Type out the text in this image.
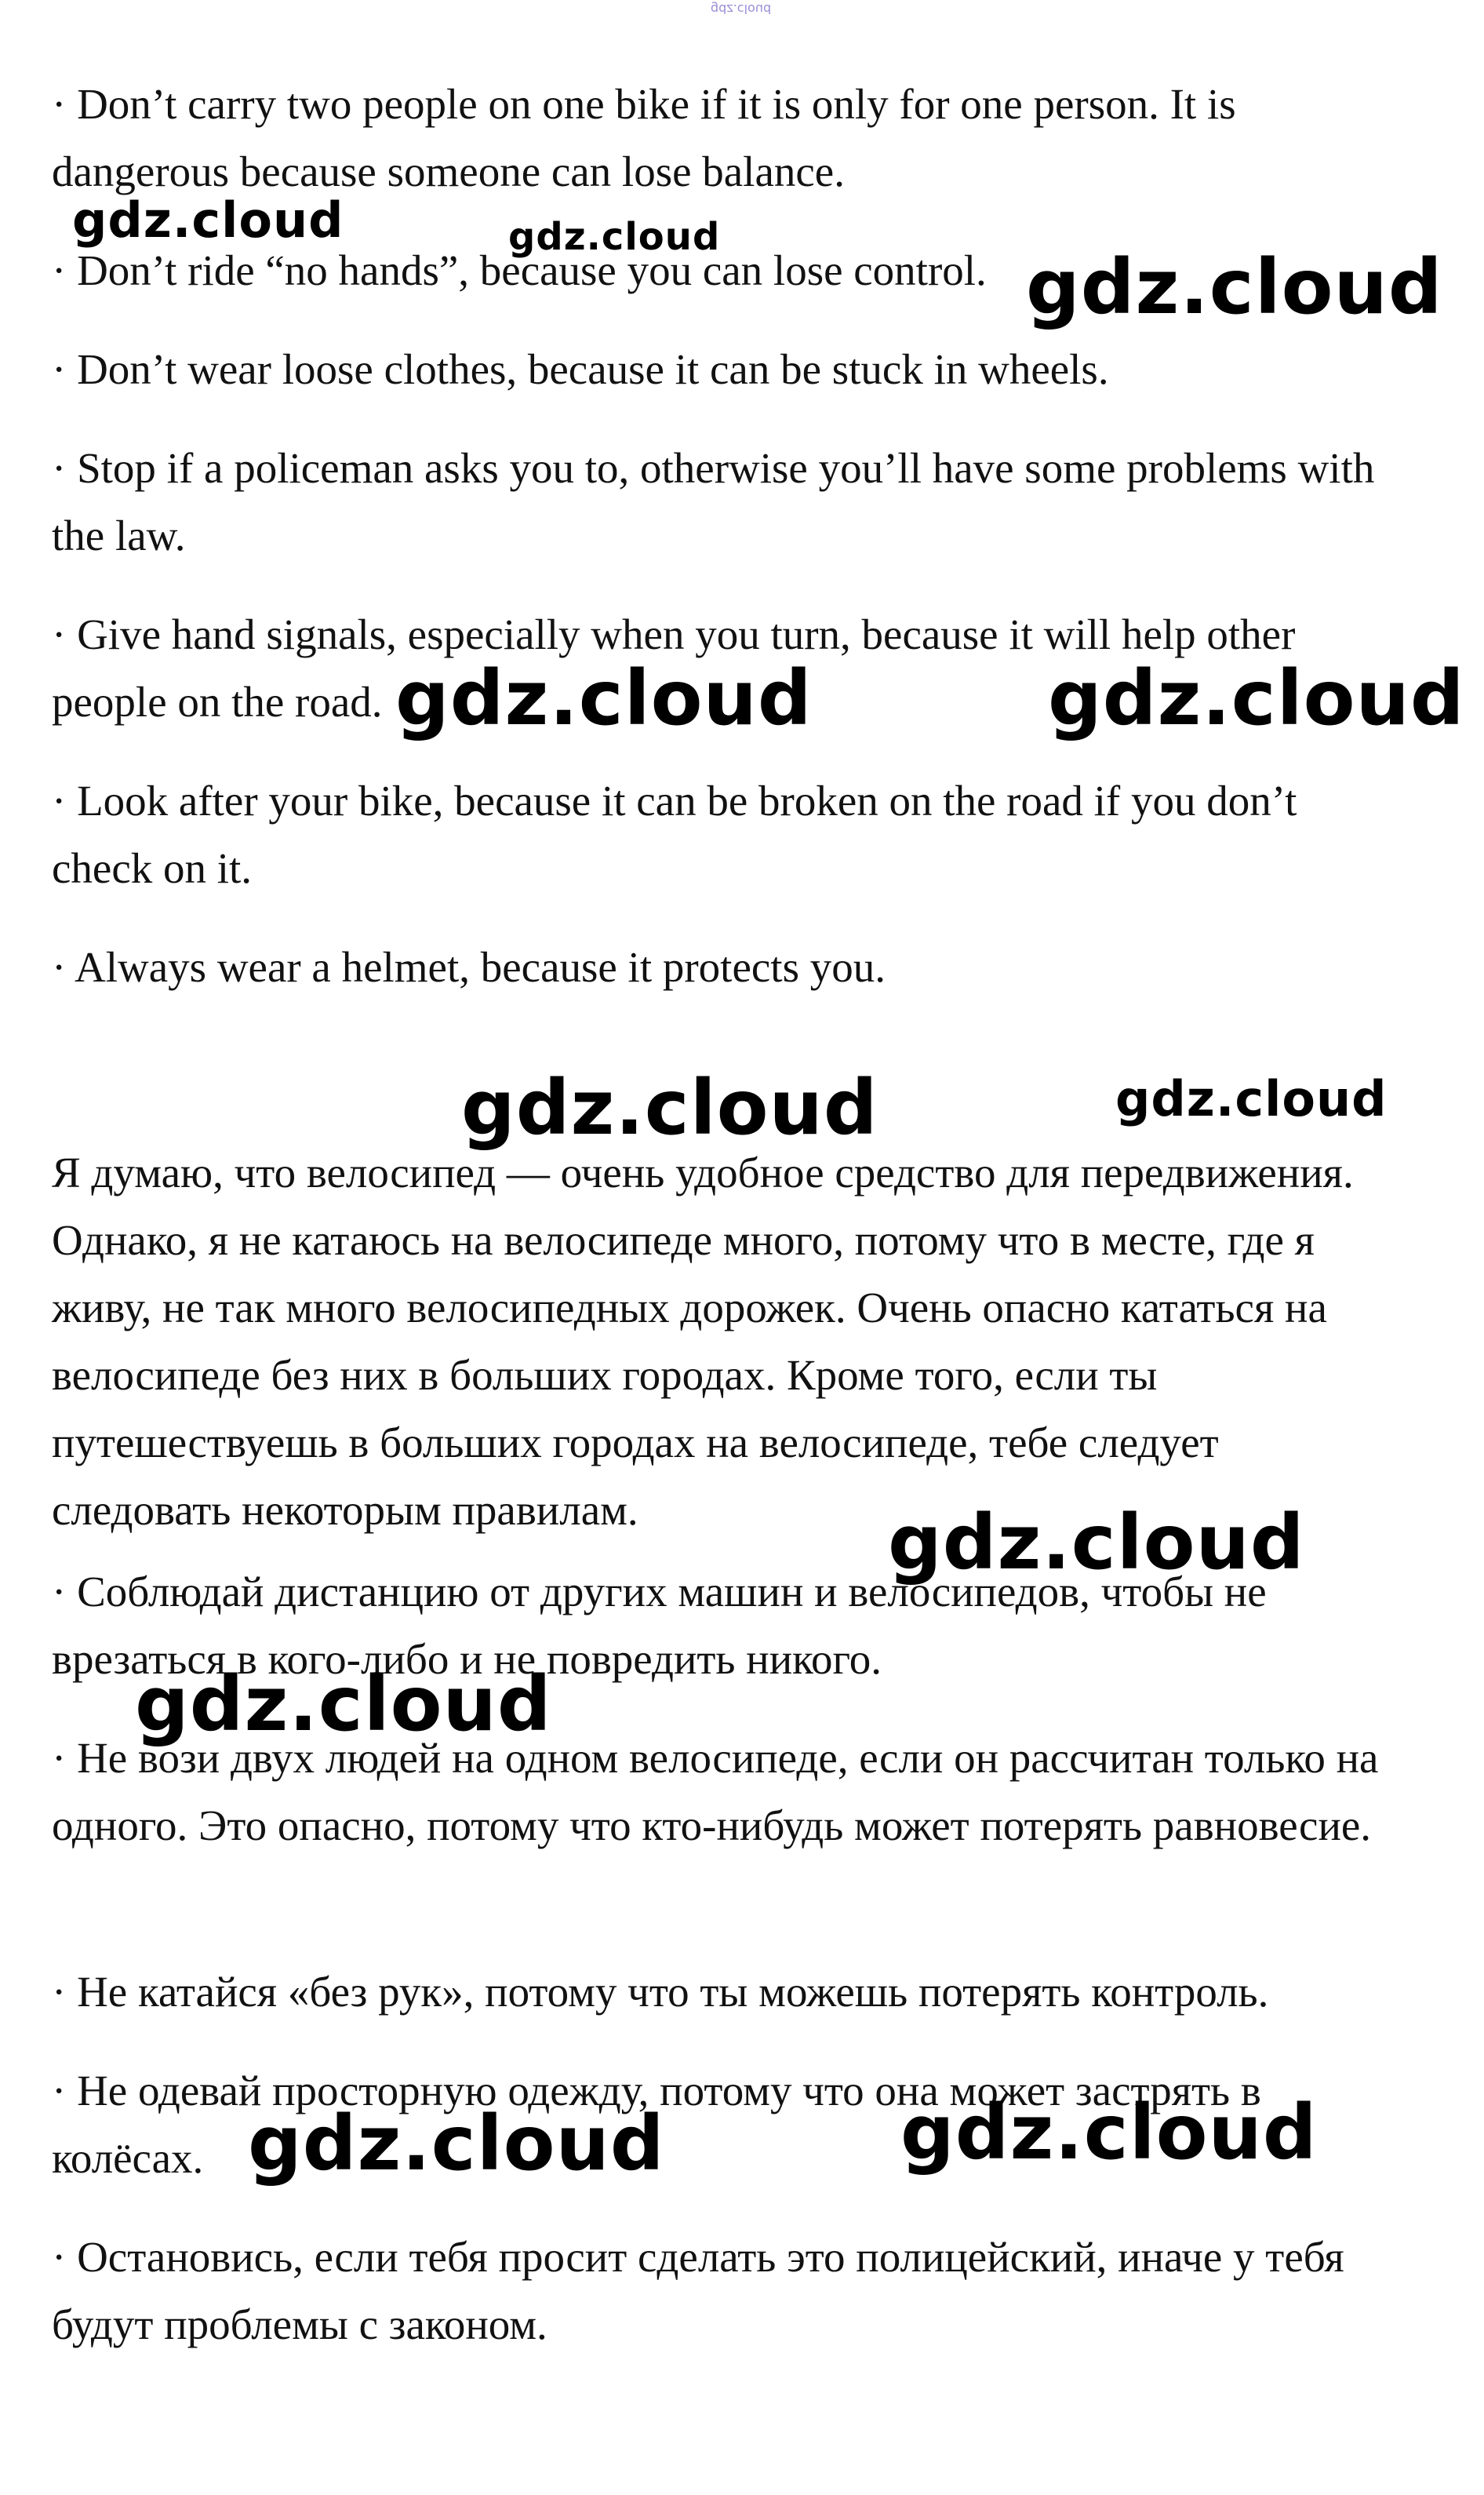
gdz.cloud

· Don’t carry two people on one bike if it is only for one person. It is dangerous because someone can lose balance.

· Don’t ride “no hands”, because you can lose control.

· Don’t wear loose clothes, because it can be stuck in wheels.

· Stop if a policeman asks you to, otherwise you’ll have some problems with the law.

· Give hand signals, especially when you turn, because it will help other people on the road.

· Look after your bike, because it can be broken on the road if you don’t check on it.

· Always wear a helmet, because it protects you.

Я думаю, что велосипед — очень удобное средство для передвижения. Однако, я не катаюсь на велосипеде много, потому что в месте, где я живу, не так много велосипедных дорожек. Очень опасно кататься на велосипеде без них в больших городах. Кроме того, если ты путешествуешь в больших городах на велосипеде, тебе следует следовать некоторым правилам.

· Соблюдай дистанцию от других машин и велосипедов, чтобы не врезаться в кого-либо и не повредить никого.

· Не вози двух людей на одном велосипеде, если он рассчитан только на одного. Это опасно, потому что кто-нибудь может потерять равновесие.

· Не катайся «без рук», потому что ты можешь потерять контроль.

· Не одевай просторную одежду, потому что она может застрять в колёсах.

· Остановись, если тебя просит сделать это полицейский, иначе у тебя будут проблемы с законом.

gdz.cloud	gdz.cloud
gdz.cloud
gdz.cloud	gdz.cloud
gdz.cloud	gdz.cloud
gdz.cloud
gdz.cloud
gdz.cloud	gdz.cloud
